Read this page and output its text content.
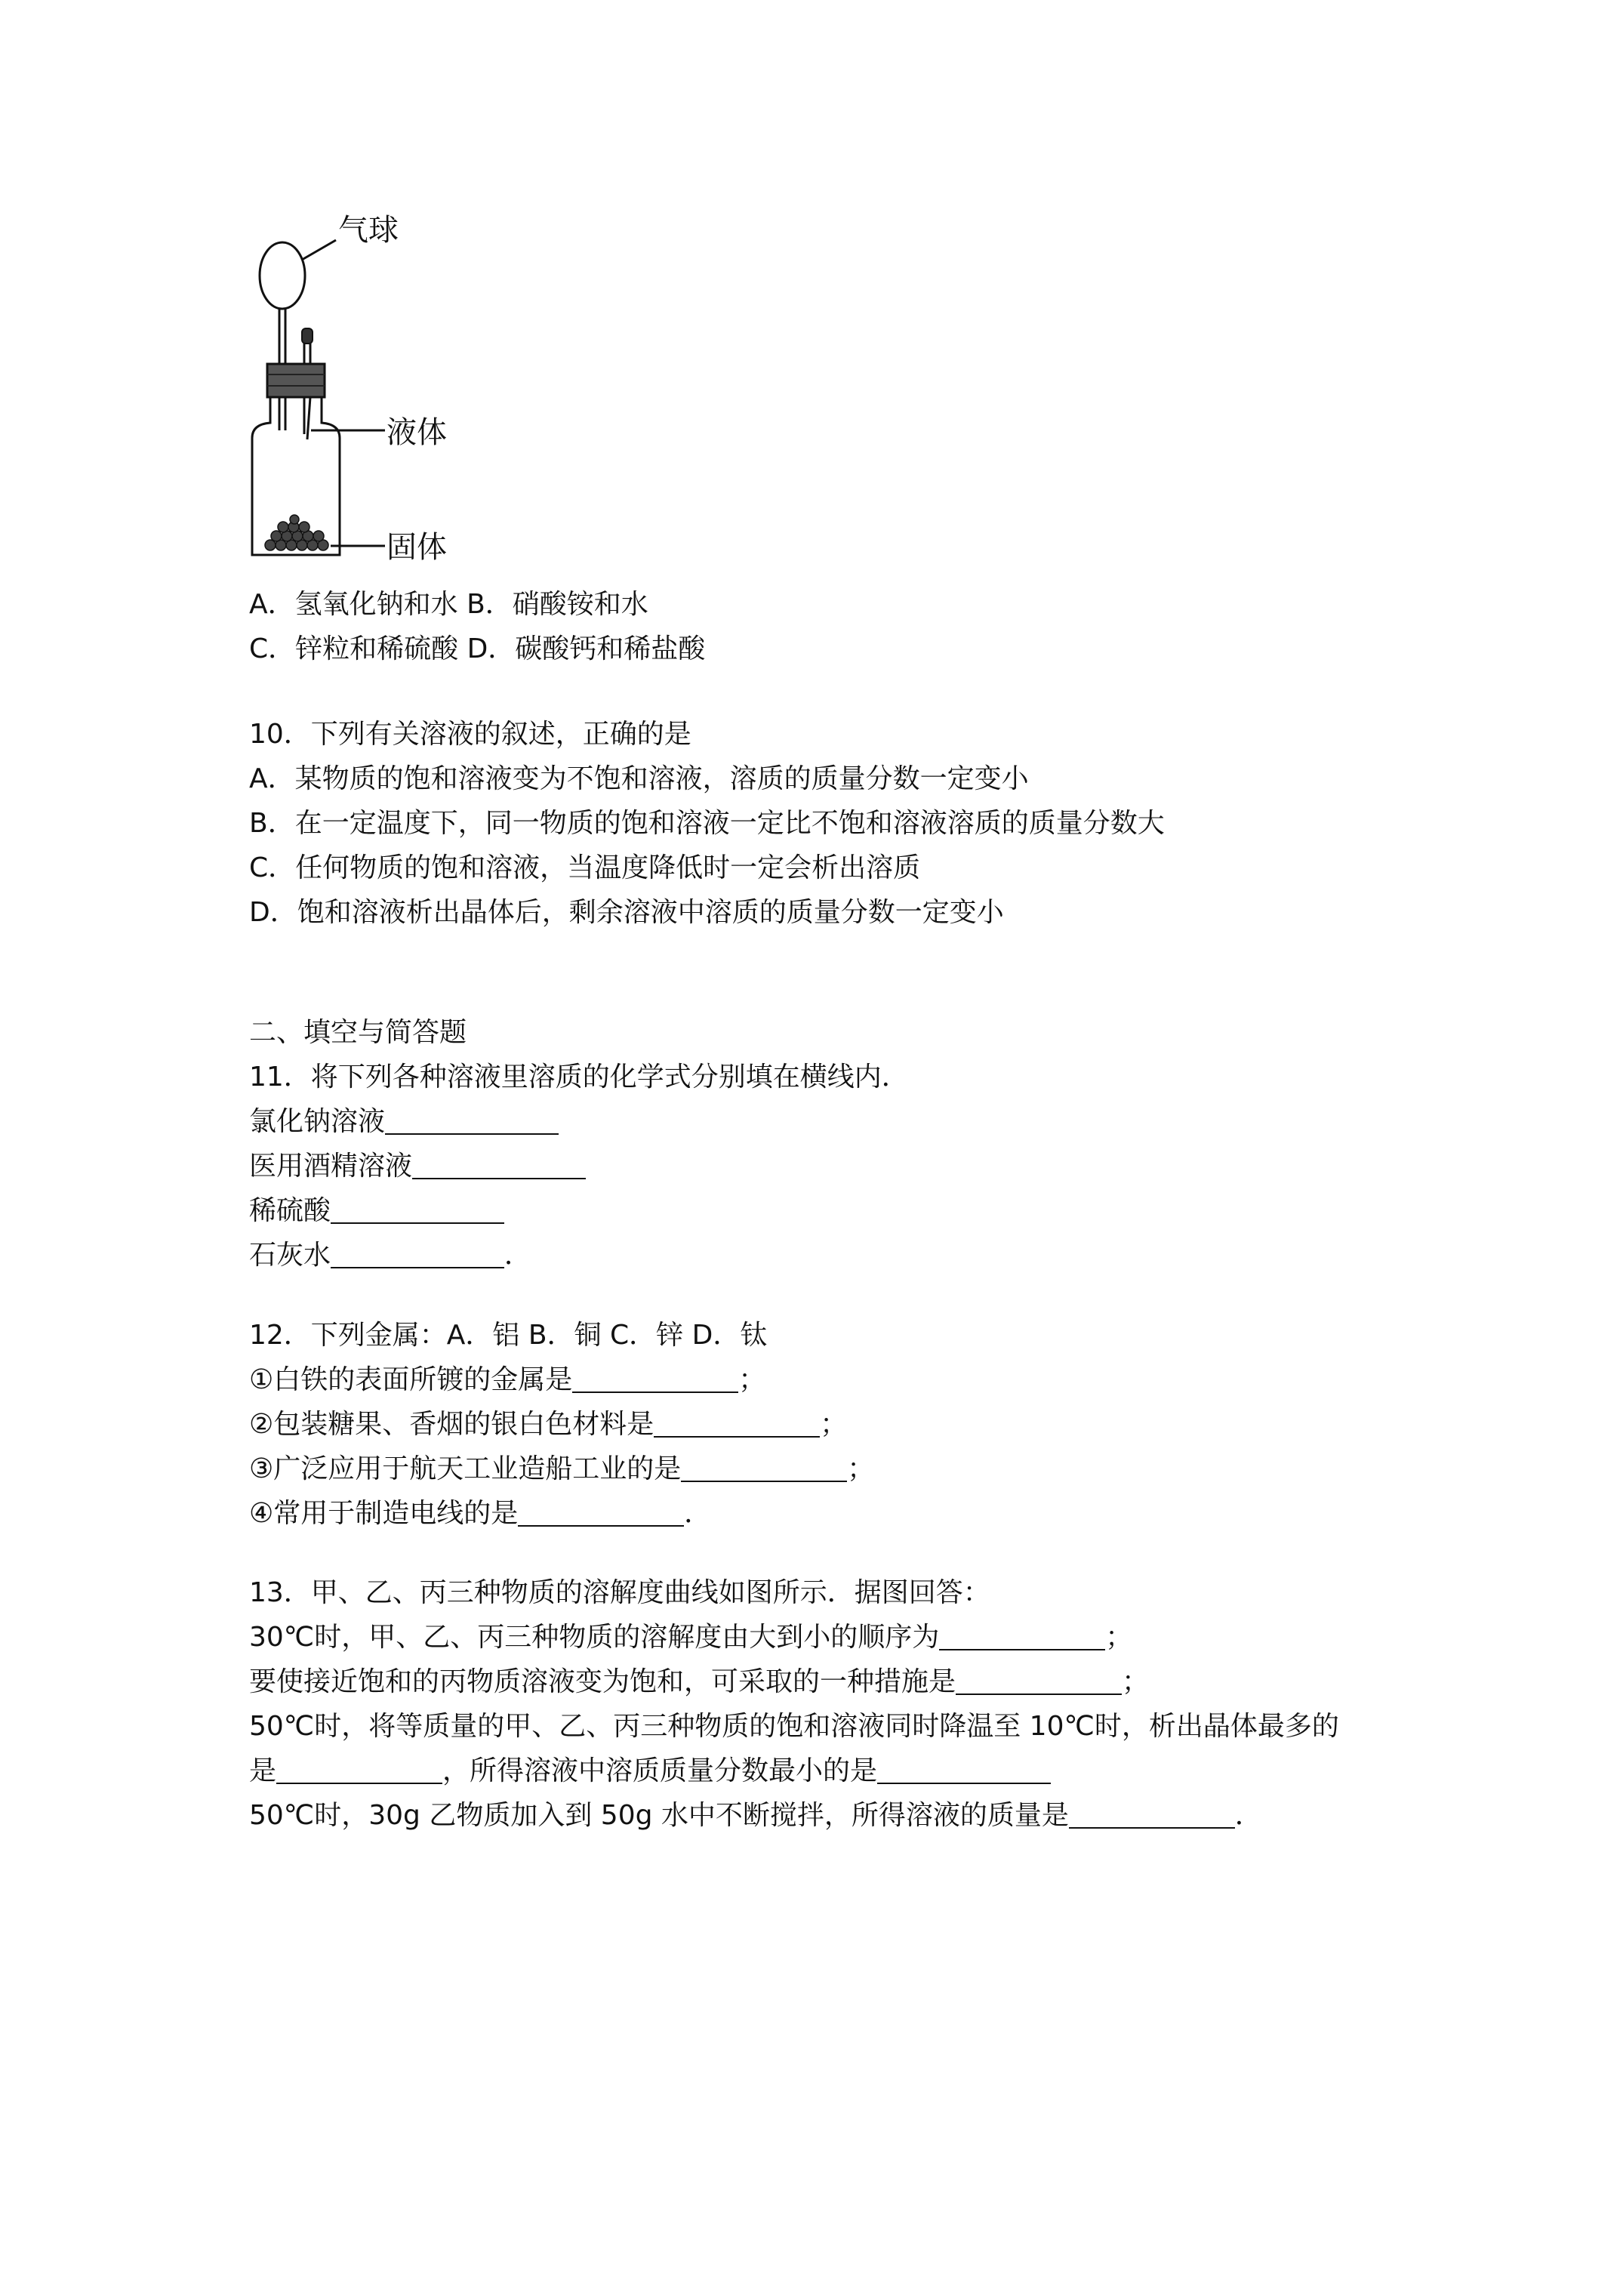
气球
液体
固体
A．氢氧化钠和水 B．硝酸铵和水
C．锌粒和稀硫酸 D．碳酸钙和稀盐酸
10．下列有关溶液的叙述，正确的是
A．某物质的饱和溶液变为不饱和溶液，溶质的质量分数一定变小
B．在一定温度下，同一物质的饱和溶液一定比不饱和溶液溶质的质量分数大
C．任何物质的饱和溶液，当温度降低时一定会析出溶质
D．饱和溶液析出晶体后，剩余溶液中溶质的质量分数一定变小
二、填空与简答题
11．将下列各种溶液里溶质的化学式分别填在横线内．
氯化钠溶液
医用酒精溶液
稀硫酸
石灰水	．
12．下列金属：A．铝 B．铜 C．锌 D．钛
①白铁的表面所镀的金属是	；
②包装糖果、香烟的银白色材料是	；
③广泛应用于航天工业造船工业的是	；
④常用于制造电线的是	．
13．甲、乙、丙三种物质的溶解度曲线如图所示．据图回答：
30℃时，甲、乙、丙三种物质的溶解度由大到小的顺序为	；
要使接近饱和的丙物质溶液变为饱和，可采取的一种措施是	；
50℃时，将等质量的甲、乙、丙三种物质的饱和溶液同时降温至 10℃时，析出晶体最多的
是	，所得溶液中溶质质量分数最小的是
50℃时，30g 乙物质加入到 50g 水中不断搅拌，所得溶液的质量是	．
